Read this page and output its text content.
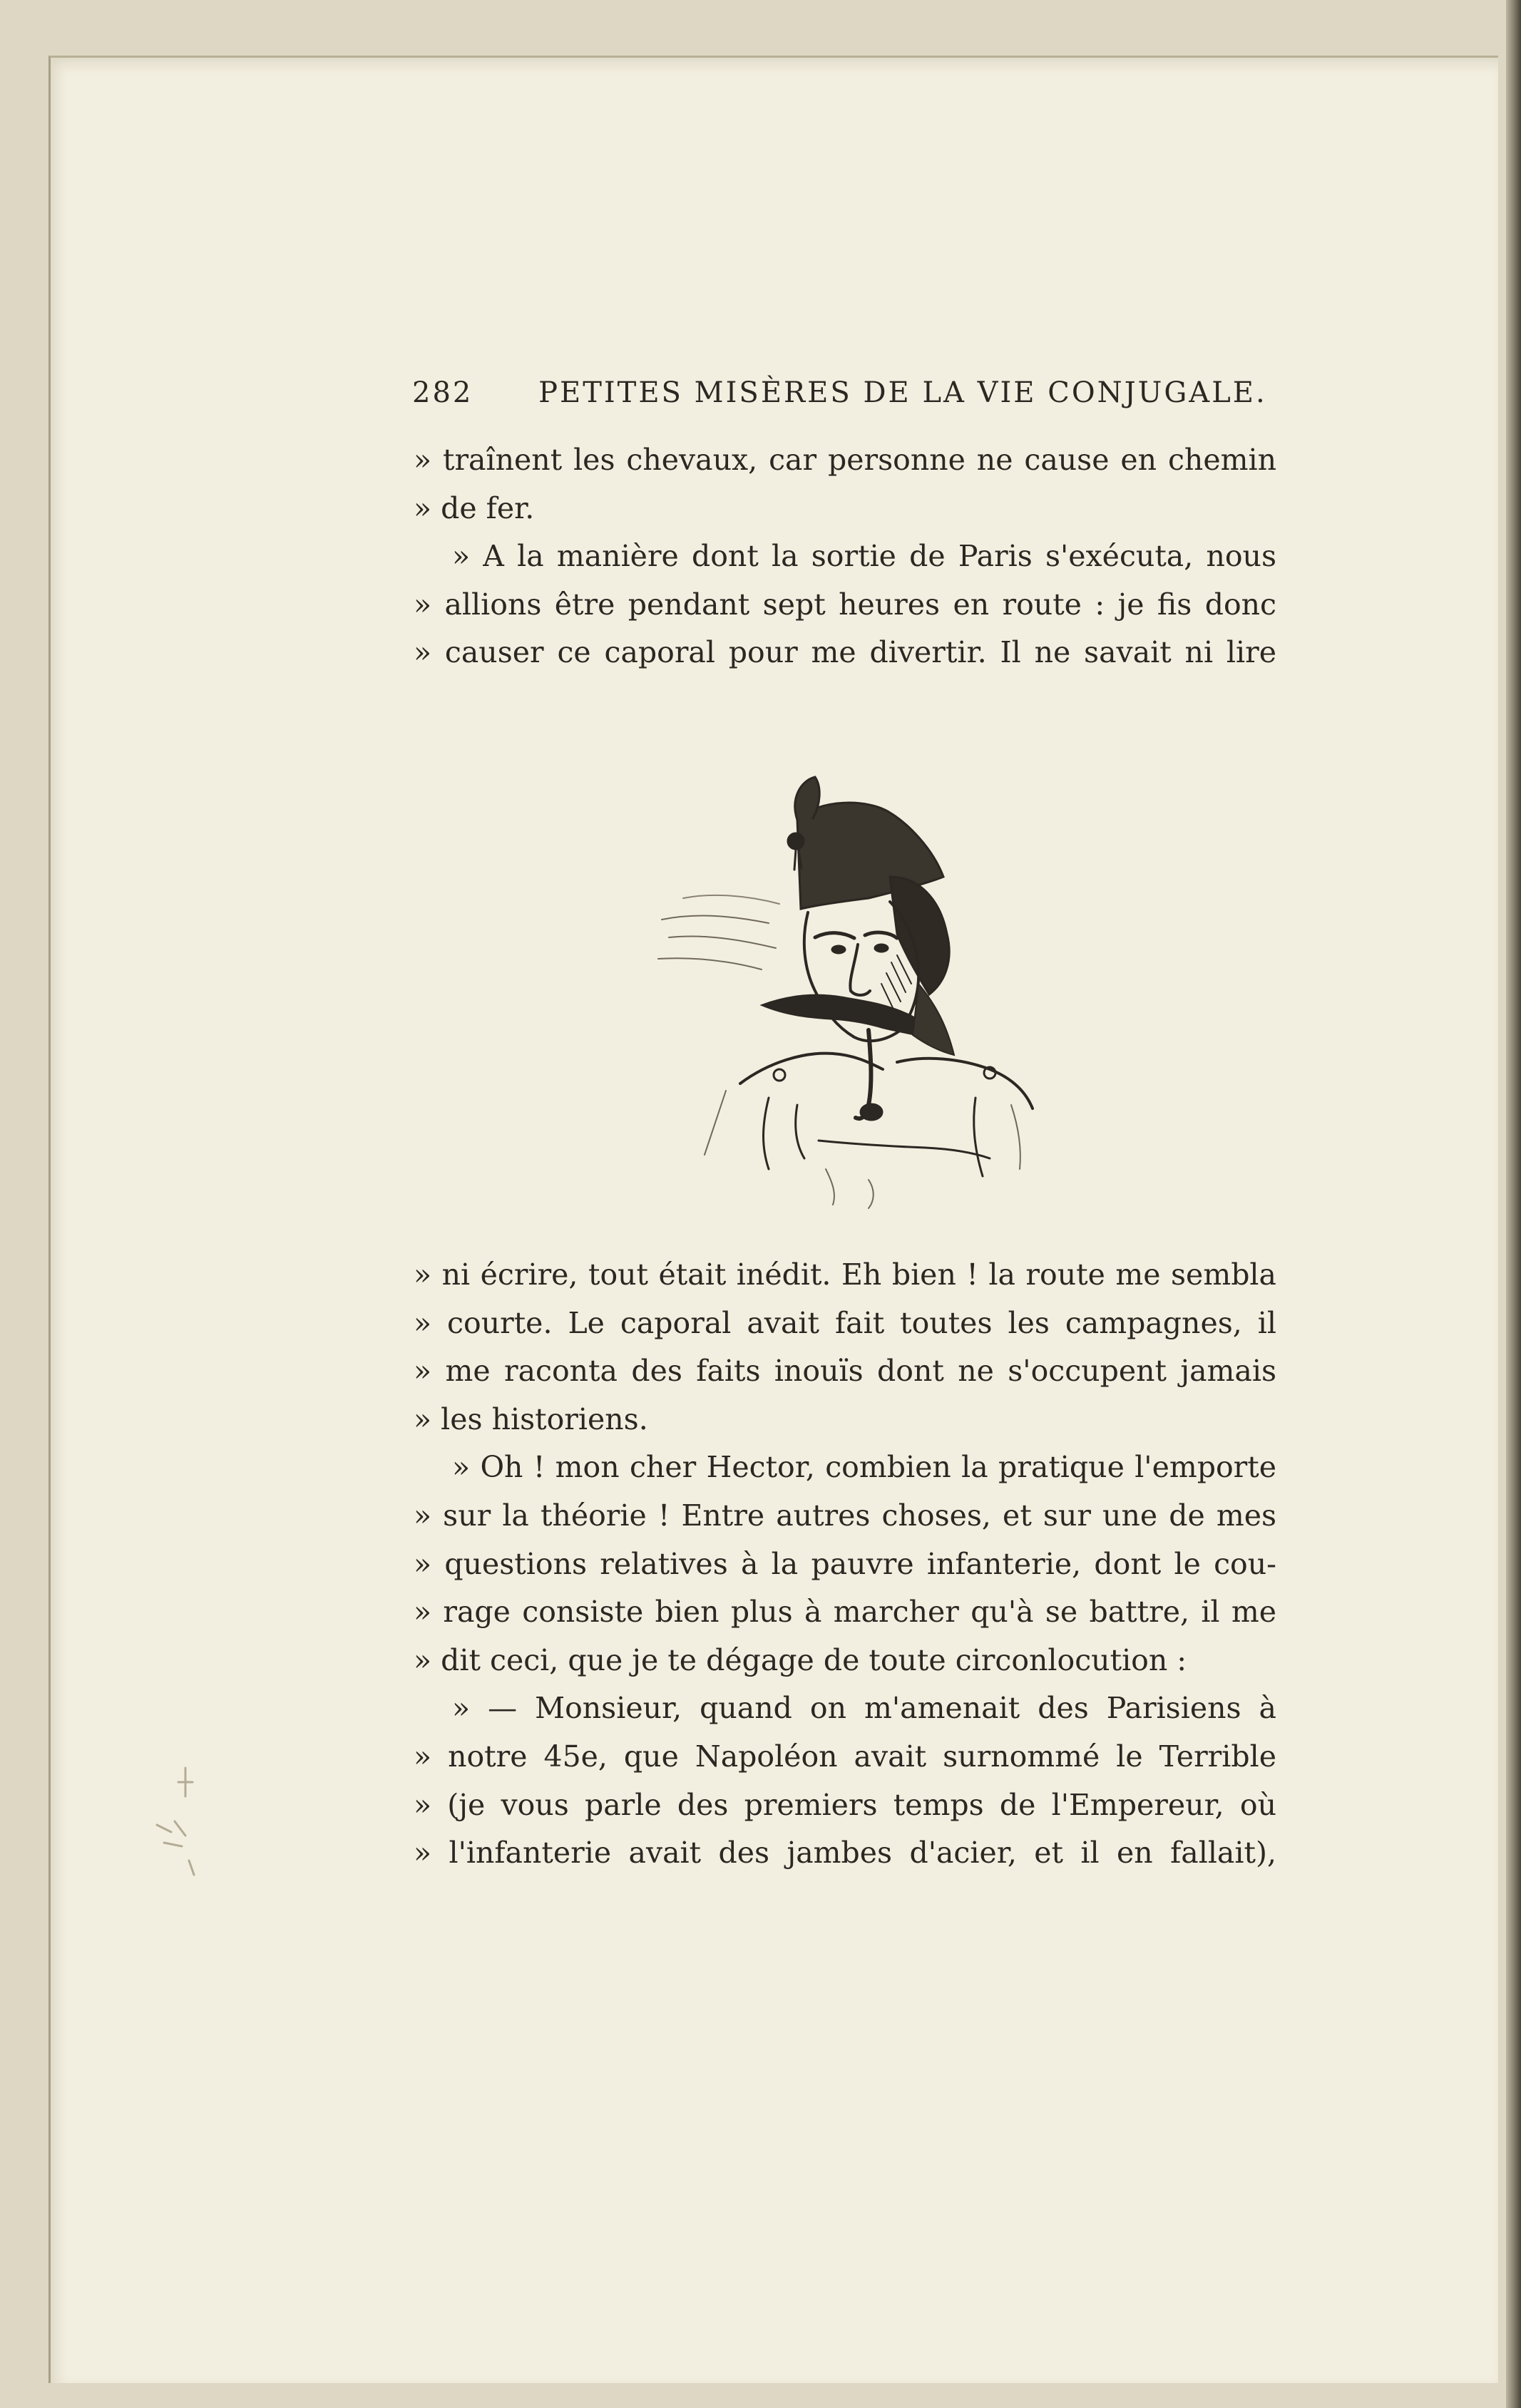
282 PETITES MISÈRES DE LA VIE CONJUGALE.
» traînent les chevaux, car personne ne cause en chemin
» de fer.
» A la manière dont la sortie de Paris s'exécuta, nous
» allions être pendant sept heures en route : je fis donc
» causer ce caporal pour me divertir. Il ne savait ni lire
» ni écrire, tout était inédit. Eh bien ! la route me sembla
» courte. Le caporal avait fait toutes les campagnes, il
» me raconta des faits inouïs dont ne s'occupent jamais
» les historiens.
» Oh ! mon cher Hector, combien la pratique l'emporte
» sur la théorie ! Entre autres choses, et sur une de mes
» questions relatives à la pauvre infanterie, dont le cou-
» rage consiste bien plus à marcher qu'à se battre, il me
» dit ceci, que je te dégage de toute circonlocution :
» — Monsieur, quand on m'amenait des Parisiens à
» notre 45e, que Napoléon avait surnommé le Terrible
» (je vous parle des premiers temps de l'Empereur, où
» l'infanterie avait des jambes d'acier, et il en fallait),
